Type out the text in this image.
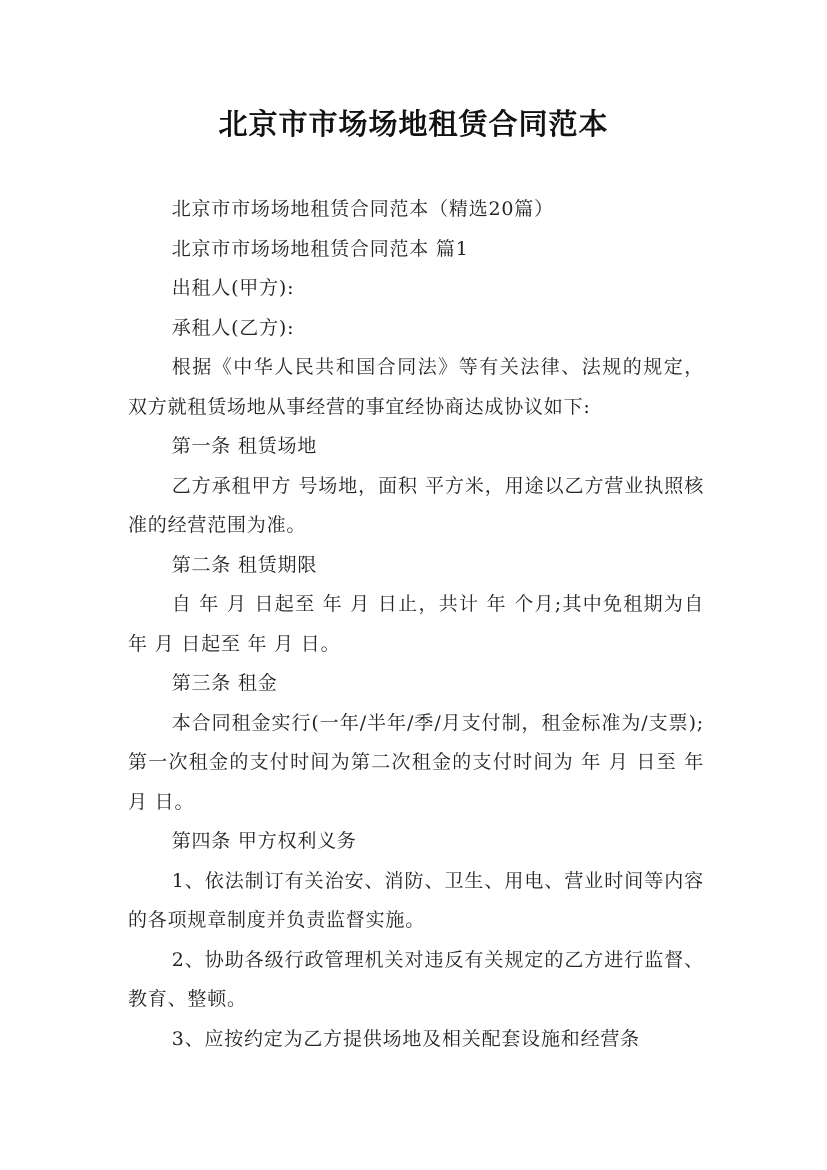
北京市市场场地租赁合同范本

北京市市场场地租赁合同范本（精选20篇）

北京市市场场地租赁合同范本 篇1

出租人(甲方):

承租人(乙方):

根据《中华人民共和国合同法》等有关法律、法规的规定，双方就租赁场地从事经营的事宜经协商达成协议如下:

第一条 租赁场地

乙方承租甲方 号场地，面积 平方米，用途以乙方营业执照核准的经营范围为准。

第二条 租赁期限

自 年 月 日起至 年 月 日止，共计 年 个月;其中免租期为自 年 月 日起至 年 月 日。

第三条 租金

本合同租金实行(一年/半年/季/月支付制，租金标准为/支票);第一次租金的支付时间为第二次租金的支付时间为 年 月 日至 年 月 日。

第四条 甲方权利义务

1、依法制订有关治安、消防、卫生、用电、营业时间等内容的各项规章制度并负责监督实施。

2、协助各级行政管理机关对违反有关规定的乙方进行监督、教育、整顿。

3、应按约定为乙方提供场地及相关配套设施和经营条
